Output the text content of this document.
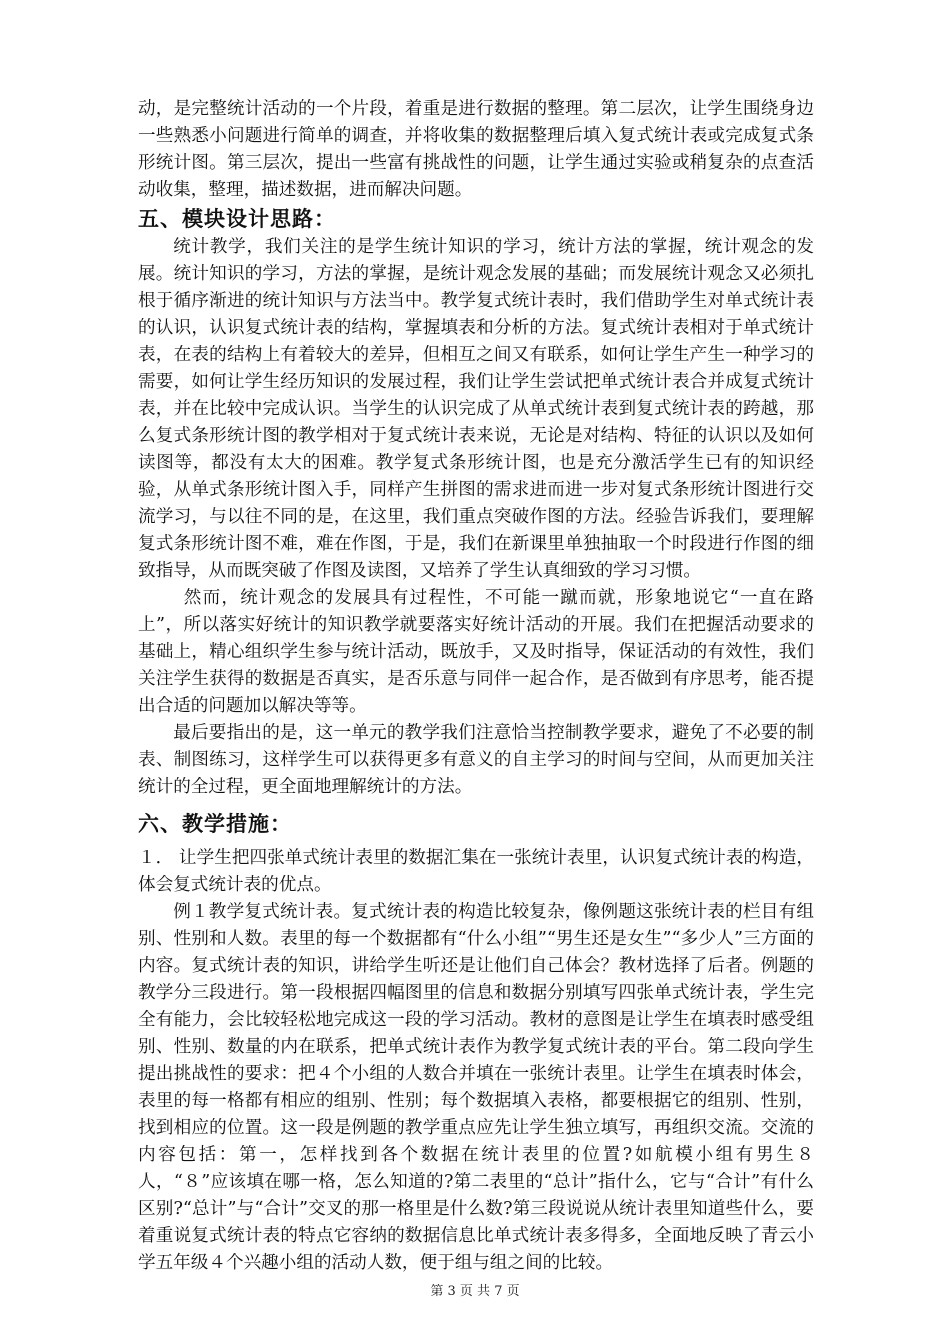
动，是完整统计活动的一个片段，着重是进行数据的整理。第二层次，让学生围绕身边一些熟悉小问题进行简单的调查，并将收集的数据整理后填入复式统计表或完成复式条形统计图。第三层次，提出一些富有挑战性的问题，让学生通过实验或稍复杂的点查活动收集，整理，描述数据，进而解决问题。

五、模块设计思路：

统计教学，我们关注的是学生统计知识的学习，统计方法的掌握，统计观念的发展。统计知识的学习，方法的掌握，是统计观念发展的基础；而发展统计观念又必须扎根于循序渐进的统计知识与方法当中。教学复式统计表时，我们借助学生对单式统计表的认识，认识复式统计表的结构，掌握填表和分析的方法。复式统计表相对于单式统计表，在表的结构上有着较大的差异，但相互之间又有联系，如何让学生产生一种学习的需要，如何让学生经历知识的发展过程，我们让学生尝试把单式统计表合并成复式统计表，并在比较中完成认识。当学生的认识完成了从单式统计表到复式统计表的跨越，那么复式条形统计图的教学相对于复式统计表来说，无论是对结构、特征的认识以及如何读图等，都没有太大的困难。教学复式条形统计图，也是充分激活学生已有的知识经验，从单式条形统计图入手，同样产生拼图的需求进而进一步对复式条形统计图进行交流学习，与以往不同的是，在这里，我们重点突破作图的方法。经验告诉我们，要理解复式条形统计图不难，难在作图，于是，我们在新课里单独抽取一个时段进行作图的细致指导，从而既突破了作图及读图，又培养了学生认真细致的学习习惯。

然而，统计观念的发展具有过程性，不可能一蹴而就，形象地说它“一直在路上”，所以落实好统计的知识教学就要落实好统计活动的开展。我们在把握活动要求的基础上，精心组织学生参与统计活动，既放手，又及时指导，保证活动的有效性，我们关注学生获得的数据是否真实，是否乐意与同伴一起合作，是否做到有序思考，能否提出合适的问题加以解决等等。

最后要指出的是，这一单元的教学我们注意恰当控制教学要求，避免了不必要的制表、制图练习，这样学生可以获得更多有意义的自主学习的时间与空间，从而更加关注统计的全过程，更全面地理解统计的方法。

六、教学措施：

１． 让学生把四张单式统计表里的数据汇集在一张统计表里，认识复式统计表的构造，体会复式统计表的优点。

例１教学复式统计表。复式统计表的构造比较复杂，像例题这张统计表的栏目有组别、性别和人数。表里的每一个数据都有“什么小组”“男生还是女生”“多少人”三方面的内容。复式统计表的知识，讲给学生听还是让他们自己体会？教材选择了后者。例题的教学分三段进行。第一段根据四幅图里的信息和数据分别填写四张单式统计表，学生完全有能力，会比较轻松地完成这一段的学习活动。教材的意图是让学生在填表时感受组别、性别、数量的内在联系，把单式统计表作为教学复式统计表的平台。第二段向学生提出挑战性的要求：把４个小组的人数合并填在一张统计表里。让学生在填表时体会，表里的每一格都有相应的组别、性别；每个数据填入表格，都要根据它的组别、性别，找到相应的位置。这一段是例题的教学重点应先让学生独立填写，再组织交流。交流的内容包括：第一，怎样找到各个数据在统计表里的位置?如航模小组有男生８人，“８”应该填在哪一格，怎么知道的?第二表里的“总计”指什么，它与“合计”有什么区别?“总计”与“合计”交叉的那一格里是什么数?第三段说说从统计表里知道些什么，要着重说复式统计表的特点它容纳的数据信息比单式统计表多得多，全面地反映了青云小学五年级４个兴趣小组的活动人数，便于组与组之间的比较。

第 3 页 共 7 页
